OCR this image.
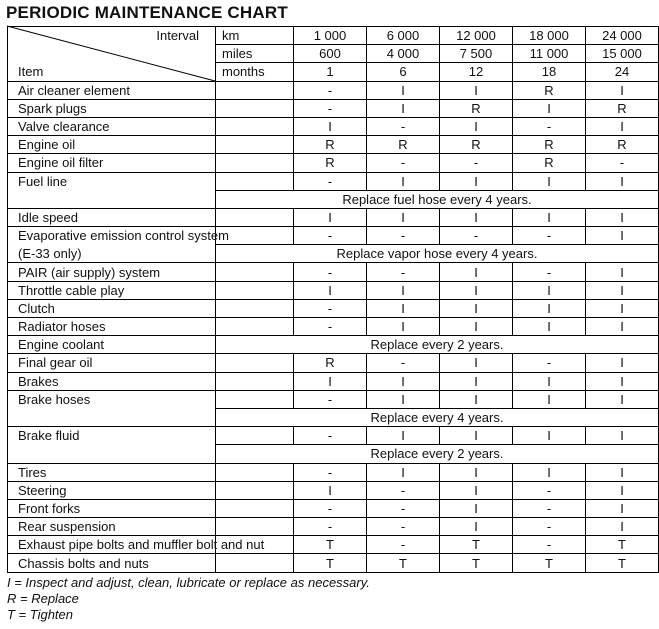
PERIODIC MAINTENANCE CHART
Interval	km	1 000	6 000	12 000	18 000	24 000
	miles	600	4 000	7 500	11 000	15 000
Item	months	1	6	12	18	24
Air cleaner element		-	I	I	R	I
Spark plugs		-	I	R	I	R
Valve clearance		I	-	I	-	I
Engine oil		R	R	R	R	R
Engine oil filter		R	-	-	R	-
Fuel line		-	I	I	I	I
	Replace fuel hose every 4 years.					
Idle speed		I	I	I	I	I
Evaporative emission control system		-	-	-	-	I
(E-33 only)	Replace vapor hose every 4 years.					
PAIR (air supply) system		-	-	I	-	I
Throttle cable play		I	I	I	I	I
Clutch		-	I	I	I	I
Radiator hoses		-	I	I	I	I
Engine coolant	Replace every 2 years.					
Final gear oil		R	-	I	-	I
Brakes		I	I	I	I	I
Brake hoses		-	I	I	I	I
	Replace every 4 years.					
Brake fluid		-	I	I	I	I
	Replace every 2 years.					
Tires		-	I	I	I	I
Steering		I	-	I	-	I
Front forks		-	-	I	-	I
Rear suspension		-	-	I	-	I
Exhaust pipe bolts and muffler bolt and nut		T	-	T	-	T
Chassis bolts and nuts		T	T	T	T	T
I = Inspect and adjust, clean, lubricate or replace as necessary.
R = Replace
T = Tighten
